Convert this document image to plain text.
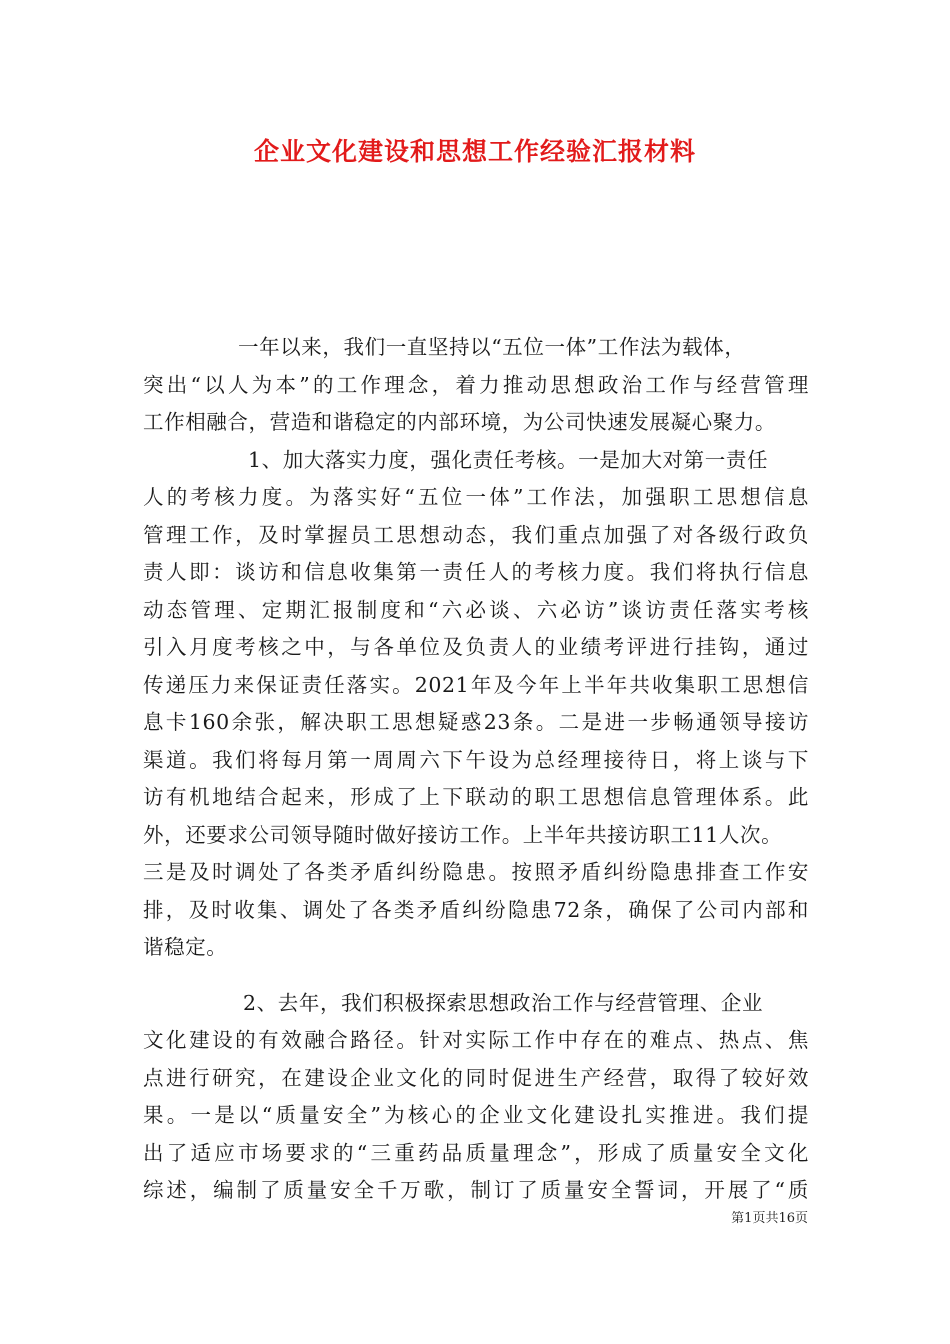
企业文化建设和思想工作经验汇报材料
一年以来，我们一直坚持以“五位一体”工作法为载体，
突出“以人为本”的工作理念，着力推动思想政治工作与经营管理
工作相融合，营造和谐稳定的内部环境，为公司快速发展凝心聚力。
1、加大落实力度，强化责任考核。一是加大对第一责任
人的考核力度。为落实好“五位一体”工作法，加强职工思想信息
管理工作，及时掌握员工思想动态，我们重点加强了对各级行政负
责人即：谈访和信息收集第一责任人的考核力度。我们将执行信息
动态管理、定期汇报制度和“六必谈、六必访”谈访责任落实考核
引入月度考核之中，与各单位及负责人的业绩考评进行挂钩，通过
传递压力来保证责任落实。2021年及今年上半年共收集职工思想信
息卡160余张，解决职工思想疑惑23条。二是进一步畅通领导接访
渠道。我们将每月第一周周六下午设为总经理接待日，将上谈与下
访有机地结合起来，形成了上下联动的职工思想信息管理体系。此
外，还要求公司领导随时做好接访工作。上半年共接访职工11人次。
三是及时调处了各类矛盾纠纷隐患。按照矛盾纠纷隐患排查工作安
排，及时收集、调处了各类矛盾纠纷隐患72条，确保了公司内部和
谐稳定。
2、去年，我们积极探索思想政治工作与经营管理、企业
文化建设的有效融合路径。针对实际工作中存在的难点、热点、焦
点进行研究，在建设企业文化的同时促进生产经营，取得了较好效
果。一是以“质量安全”为核心的企业文化建设扎实推进。我们提
出了适应市场要求的“三重药品质量理念”，形成了质量安全文化
综述，编制了质量安全千万歌，制订了质量安全誓词，开展了“质
第1页共16页
